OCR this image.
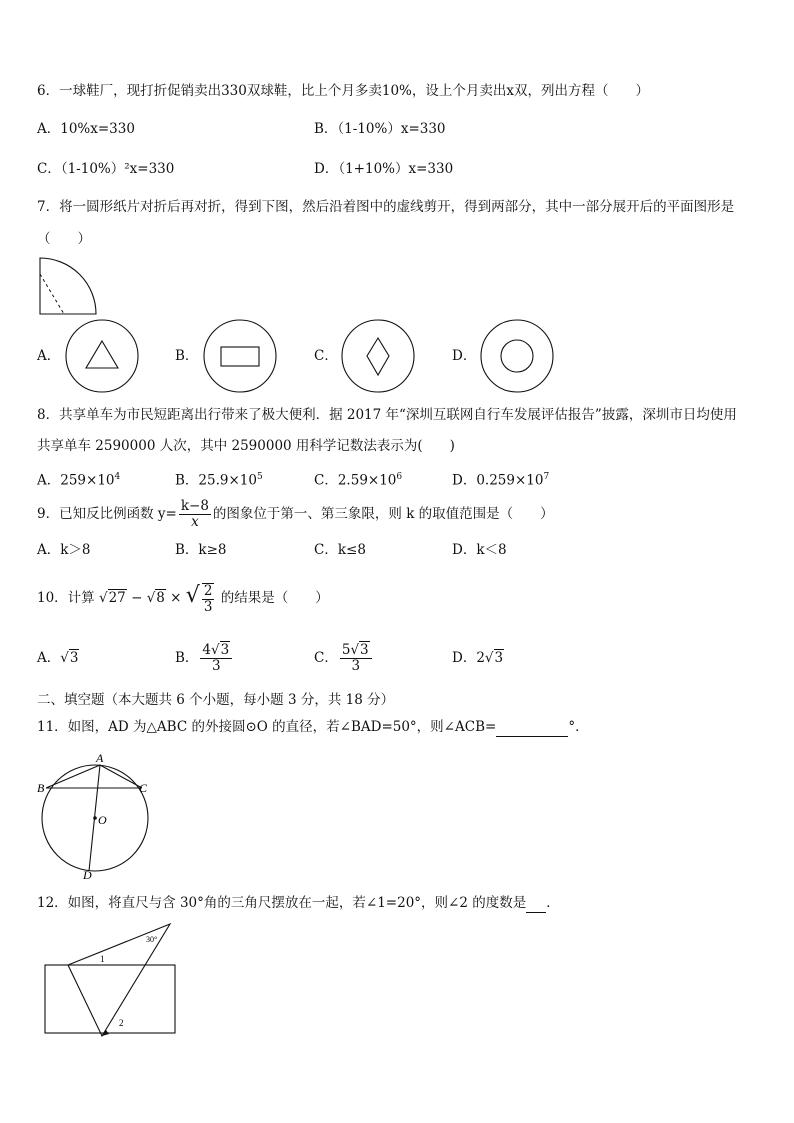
6．一球鞋厂，现打折促销卖出330双球鞋，比上个月多卖10%，设上个月卖出x双，列出方程（　　）
A．10%x=330	B．（1-10%）x=330
C．（1-10%）²x=330	D．（1+10%）x=330
7．将一圆形纸片对折后再对折，得到下图，然后沿着图中的虚线剪开，得到两部分，其中一部分展开后的平面图形是
（　　）
A．	B．	C．	D．
8．共享单车为市民短距离出行带来了极大便利．据 2017 年“深圳互联网自行车发展评估报告”披露，深圳市日均使用
共享单车 2590000 人次，其中 2590000 用科学记数法表示为(　　)
A．$259\times 10^4$	B．$25.9\times 10^5$	C．$2.59\times 10^6$	D．$0.259\times 10^7$
9．已知反比例函数 $y= \frac{k-8}{x}$ 的图象位于第一、第三象限，则 k 的取值范围是（　　）
A．k＞8	B．k≥8	C．k≤8	D．k＜8
10．计算 √27 − √8 × √ $\frac{2}{3}$ 的结果是（　　）
A．√3	B． $\frac{4√3}{3}$	C． $\frac{5√3}{3}$	D．2√3
二、填空题（本大题共 6 个小题，每小题 3 分，共 18 分）
11．如图，AD 为△ABC 的外接圆⊙O 的直径，若∠BAD=50°，则∠ACB=	°．
A
B	C
O
D
12．如图，将直尺与含 30°角的三角尺摆放在一起，若∠1=20°，则∠2 的度数是 ．
30°
1
2
